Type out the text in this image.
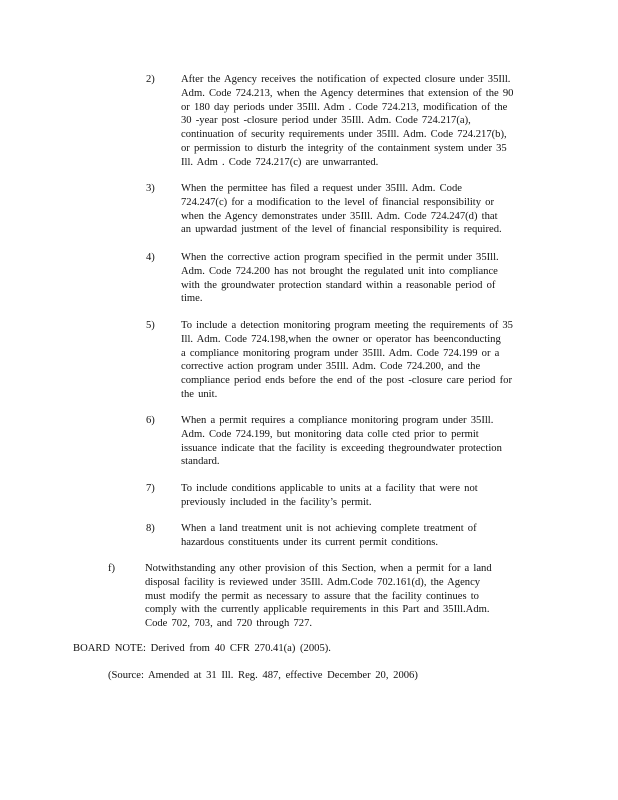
2) After the Agency receives the notification of expected closure under 35Ill.
Adm. Code 724.213, when the Agency determines that extension of the 90
or 180 day periods under 35Ill. Adm . Code 724.213, modification of the
30 -year post -closure period under 35Ill. Adm. Code 724.217(a),
continuation of security requirements under 35Ill. Adm. Code 724.217(b),
or permission to disturb the integrity of the containment system under 35
Ill. Adm . Code 724.217(c) are unwarranted.
3) When the permittee has filed a request under 35Ill. Adm. Code
724.247(c) for a modification to the level of financial responsibility or
when the Agency demonstrates under 35Ill. Adm. Code 724.247(d) that
an upwardad justment of the level of financial responsibility is required.
4) When the corrective action program specified in the permit under 35Ill.
Adm. Code 724.200 has not brought the regulated unit into compliance
with the groundwater protection standard within a reasonable period of
time.
5) To include a detection monitoring program meeting the requirements of 35
Ill. Adm. Code 724.198,when the owner or operator has beenconducting
a compliance monitoring program under 35Ill. Adm. Code 724.199 or a
corrective action program under 35Ill. Adm. Code 724.200, and the
compliance period ends before the end of the post -closure care period for
the unit.
6) When a permit requires a compliance monitoring program under 35Ill.
Adm. Code 724.199, but monitoring data colle cted prior to permit
issuance indicate that the facility is exceeding thegroundwater protection
standard.
7) To include conditions applicable to units at a facility that were not
previously included in the facility’s permit.
8) When a land treatment unit is not achieving complete treatment of
hazardous constituents under its current permit conditions.
f)	Notwithstanding any other provision of this Section, when a permit for a land
disposal facility is reviewed under 35Ill. Adm.Code 702.161(d), the Agency
must modify the permit as necessary to assure that the facility continues to
comply with the currently applicable requirements in this Part and 35Ill.Adm.
Code 702, 703, and 720 through 727.
BOARD NOTE: Derived from 40 CFR 270.41(a) (2005).
(Source: Amended at 31 Ill. Reg. 487, effective December 20, 2006)
